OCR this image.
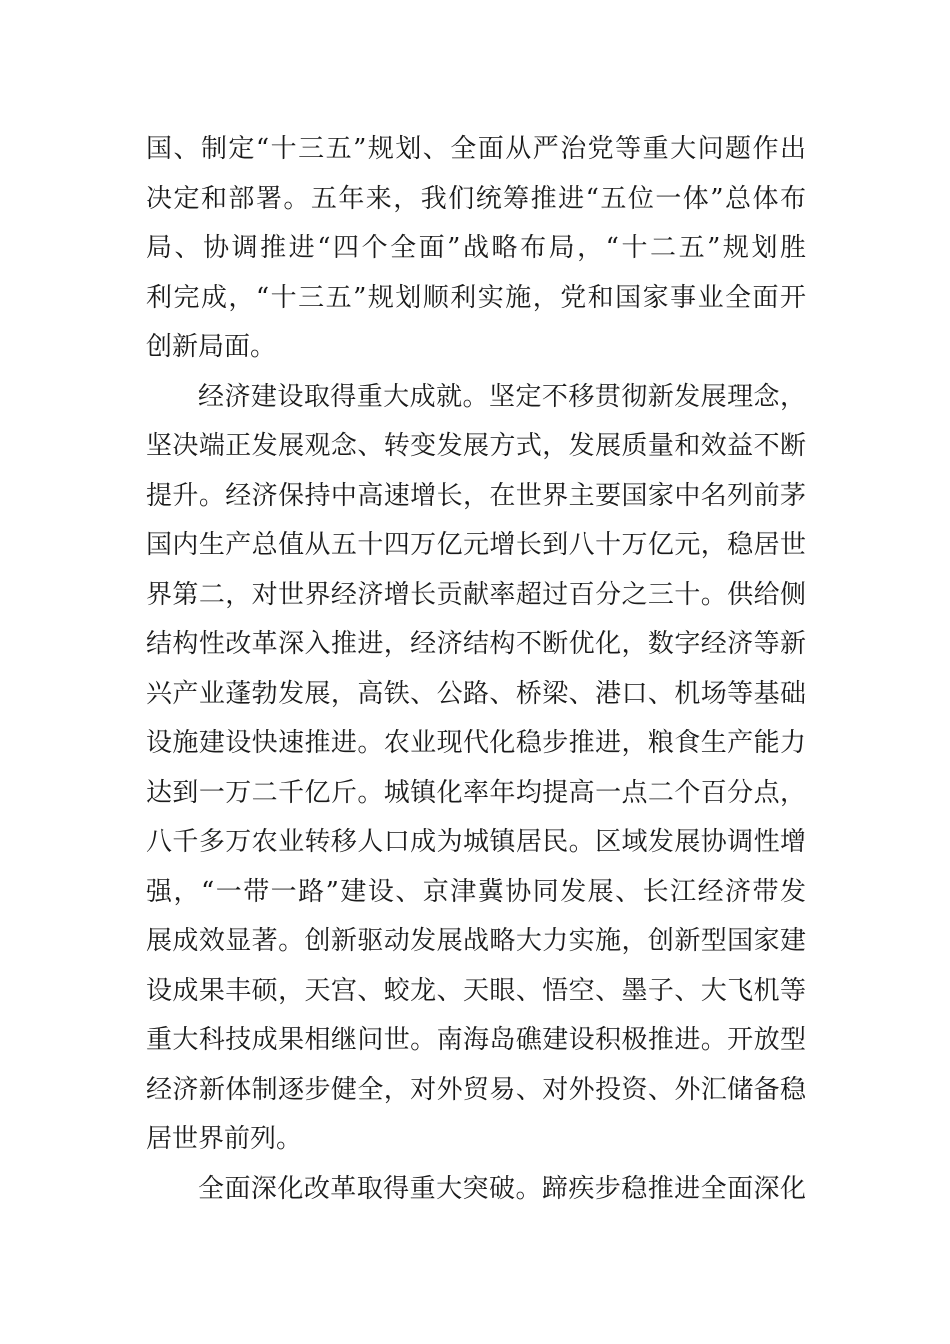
国、制定“十三五”规划、全面从严治党等重大问题作出
决定和部署。五年来，我们统筹推进“五位一体”总体布
局、协调推进“四个全面”战略布局，“十二五”规划胜
利完成，“十三五”规划顺利实施，党和国家事业全面开
创新局面。
经济建设取得重大成就。坚定不移贯彻新发展理念，
坚决端正发展观念、转变发展方式，发展质量和效益不断
提升。经济保持中高速增长，在世界主要国家中名列前茅
国内生产总值从五十四万亿元增长到八十万亿元，稳居世
界第二，对世界经济增长贡献率超过百分之三十。供给侧
结构性改革深入推进，经济结构不断优化，数字经济等新
兴产业蓬勃发展，高铁、公路、桥梁、港口、机场等基础
设施建设快速推进。农业现代化稳步推进，粮食生产能力
达到一万二千亿斤。城镇化率年均提高一点二个百分点，
八千多万农业转移人口成为城镇居民。区域发展协调性增
强，“一带一路”建设、京津冀协同发展、长江经济带发
展成效显著。创新驱动发展战略大力实施，创新型国家建
设成果丰硕，天宫、蛟龙、天眼、悟空、墨子、大飞机等
重大科技成果相继问世。南海岛礁建设积极推进。开放型
经济新体制逐步健全，对外贸易、对外投资、外汇储备稳
居世界前列。
全面深化改革取得重大突破。蹄疾步稳推进全面深化
